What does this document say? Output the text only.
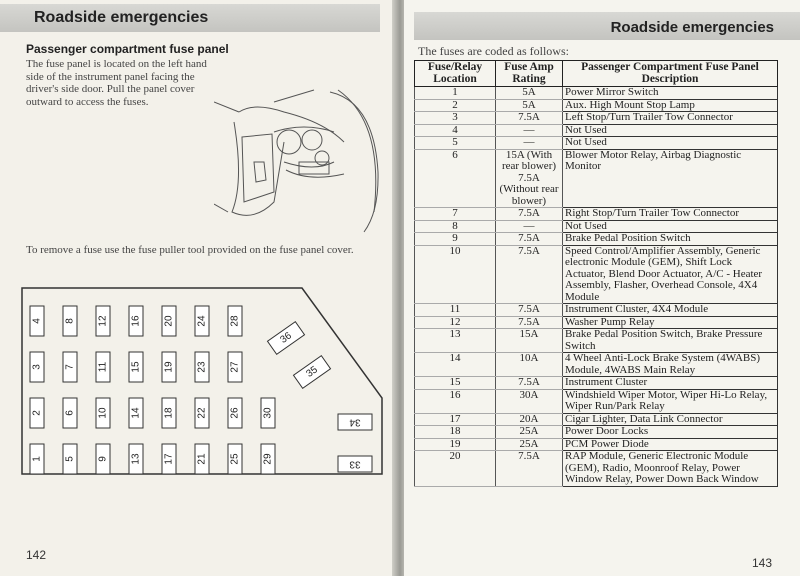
Roadside emergencies
Passenger compartment fuse panel
The fuse panel is located on the left hand side of the instrument panel facing the driver's side door. Pull the panel cover outward to access the fuses.
To remove a fuse use the fuse puller tool provided on the fuse panel cover.
1
2
3
4
5
6
7
8
9
10
11
12
13
14
15
16
17
18
19
20
21
22
23
24
25
26
27
28
29
30
33
34
36
35
142
Roadside emergencies
The fuses are coded as follows:
Fuse/Relay Location	Fuse Amp Rating	Passenger Compartment Fuse Panel Description
1	5A	Power Mirror Switch
2	5A	Aux. High Mount Stop Lamp
3	7.5A	Left Stop/Turn Trailer Tow Connector
4	—	Not Used
5	—	Not Used
6	15A (With rear blower) 7.5A (Without rear blower)	Blower Motor Relay, Airbag Diagnostic Monitor
7	7.5A	Right Stop/Turn Trailer Tow Connector
8	—	Not Used
9	7.5A	Brake Pedal Position Switch
10	7.5A	Speed Control/Amplifier Assembly, Generic electronic Module (GEM), Shift Lock Actuator, Blend Door Actuator, A/C - Heater Assembly, Flasher, Overhead Console, 4X4 Module
11	7.5A	Instrument Cluster, 4X4 Module
12	7.5A	Washer Pump Relay
13	15A	Brake Pedal Position Switch, Brake Pressure Switch
14	10A	4 Wheel Anti-Lock Brake System (4WABS) Module, 4WABS Main Relay
15	7.5A	Instrument Cluster
16	30A	Windshield Wiper Motor, Wiper Hi-Lo Relay, Wiper Run/Park Relay
17	20A	Cigar Lighter, Data Link Connector
18	25A	Power Door Locks
19	25A	PCM Power Diode
20	7.5A	RAP Module, Generic Electronic Module (GEM), Radio, Moonroof Relay, Power Window Relay, Power Down Back Window
143
